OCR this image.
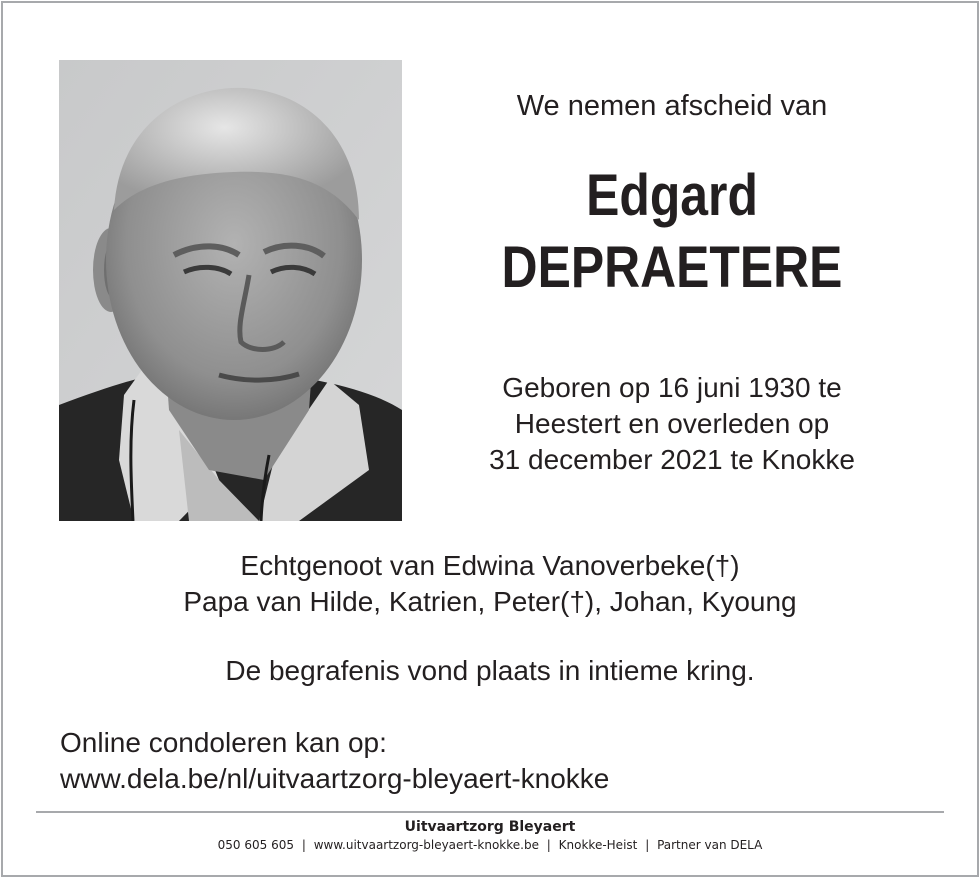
We nemen afscheid van
Edgard
DEPRAETERE
Geboren op 16 juni 1930 te
Heestert en overleden op
31 december 2021 te Knokke
Echtgenoot van Edwina Vanoverbeke(†)
Papa van Hilde, Katrien, Peter(†), Johan, Kyoung
De begrafenis vond plaats in intieme kring.
Online condoleren kan op:
www.dela.be/nl/uitvaartzorg-bleyaert-knokke
Uitvaartzorg Bleyaert
050 605 605 | www.uitvaartzorg-bleyaert-knokke.be | Knokke-Heist | Partner van DELA
